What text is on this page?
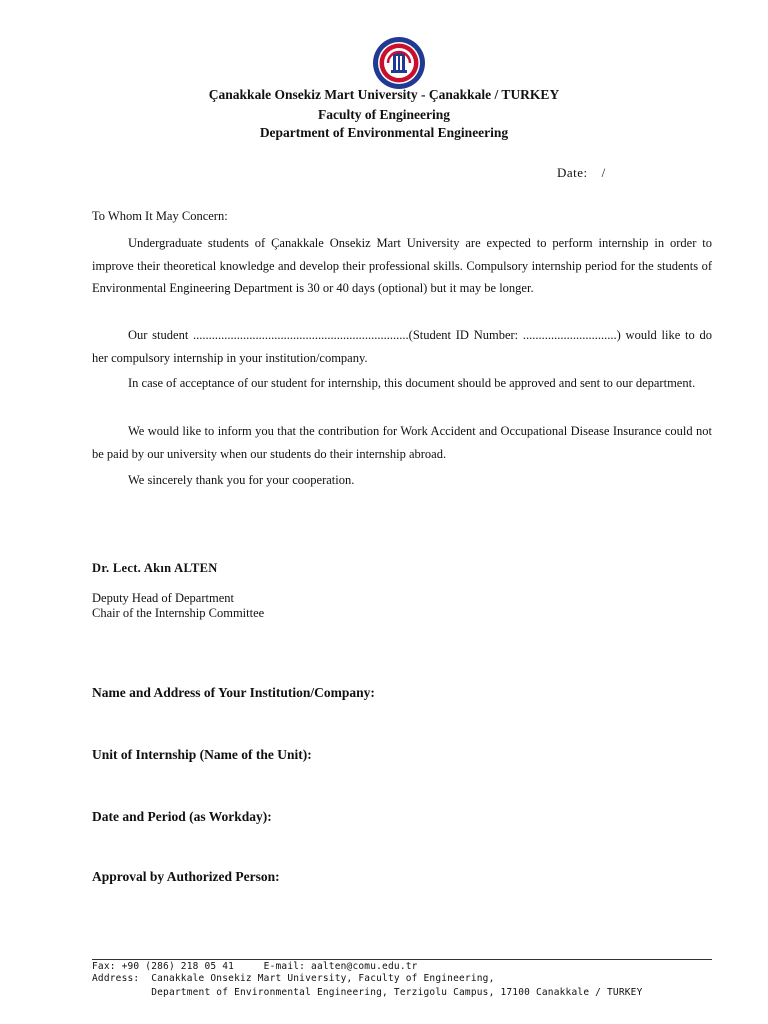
Çanakkale Onsekiz Mart University - Çanakkale / TURKEY
Faculty of Engineering
Department of Environmental Engineering
Date: /
To Whom It May Concern:

Undergraduate students of Çanakkale Onsekiz Mart University are expected to perform internship in order to improve their theoretical knowledge and develop their professional skills. Compulsory internship period for the students of Environmental Engineering Department is 30 or 40 days (optional) but it may be longer.

Our student .....................................................................(Student ID Number: ..............................) would like to do her compulsory internship in your institution/company.

In case of acceptance of our student for internship, this document should be approved and sent to our department.

We would like to inform you that the contribution for Work Accident and Occupational Disease Insurance could not be paid by our university when our students do their internship abroad.

We sincerely thank you for your cooperation.

Dr. Lect. Akın ALTEN
Deputy Head of Department
Chair of the Internship Committee
Name and Address of Your Institution/Company:
Unit of Internship (Name of the Unit):
Date and Period (as Workday):
Approval by Authorized Person:
Fax: +90 (286) 218 05 41     E-mail: aalten@comu.edu.tr
Address:  Canakkale Onsekiz Mart University, Faculty of Engineering,
Department of Environmental Engineering, Terzigolu Campus, 17100 Canakkale / TURKEY
